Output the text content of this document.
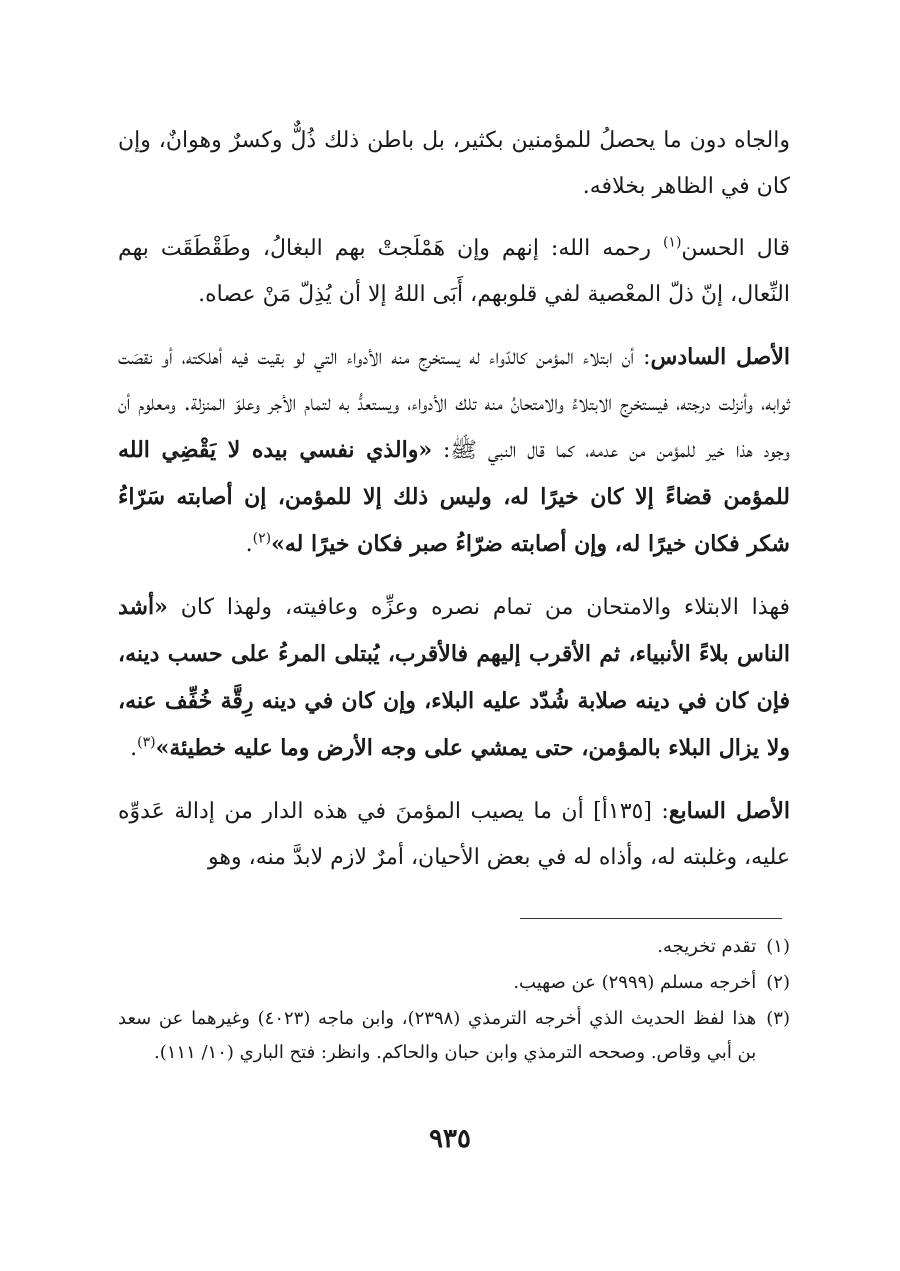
والجاه دون ما يحصلُ للمؤمنين بكثير، بل باطن ذلك ذُلٌّ وكسرٌ وهوانٌ، وإن كان في الظاهر بخلافه.

قال الحسن

$^{(١)}$

رحمه الله: إنهم وإن هَمْلَجتْ بهم البغالُ، وطَقْطَقَت بهم النِّعال، إنّ ذلّ المعْصية لفي قلوبهم، أَبَى اللهُ إلا أن يُذِلّ مَنْ عصاه.

الأصل السادس

: أن ابتلاء المؤمن كالدّواء له يستخرج منه الأدواء التي لو بقيت فيه أهلكته، أو نقصَت ثوابه، وأنزلت درجته، فيستخرج الابتلاءُ والامتحانُ منه تلك الأدواء، ويستعدُّ به لتمام الأجر وعلوّ المنزلة. ومعلوم أن وجود هذا خير للمؤمن من عدمه، كما قال النبي ﷺ:

«والذي نفسي بيده لا يَقْضِي الله للمؤمن قضاءً إلا كان خيرًا له، وليس ذلك إلا للمؤمن، إن أصابته سَرّاءُ شكر فكان خيرًا له، وإن أصابته ضرّاءُ صبر فكان خيرًا له»

$^{(٢)}$

.

فهذا الابتلاء والامتحان من تمام نصره وعزِّه وعافيته، ولهذا كان

«أشد الناس بلاءً الأنبياء، ثم الأقرب إليهم فالأقرب، يُبتلى المرءُ على حسب دينه، فإن كان في دينه صلابة شُدّد عليه البلاء، وإن كان في دينه رِقَّة خُفِّف عنه، ولا يزال البلاء بالمؤمن، حتى يمشي على وجه الأرض وما عليه خطيئة»

$^{(٣)}$

.

الأصل السابع

: [١٣٥أ] أن ما يصيب المؤمنَ في هذه الدار من إدالة عَدوِّه عليه، وغلبته له، وأذاه له في بعض الأحيان، أمرٌ لازم لابدَّ منه، وهو

(١)
تقدم تخريجه.
(٢)
أخرجه مسلم (٢٩٩٩) عن صهيب.
(٣)
هذا لفظ الحديث الذي أخرجه الترمذي (٢٣٩٨)، وابن ماجه (٤٠٢٣) وغيرهما عن سعد بن أبي وقاص. وصححه الترمذي وابن حبان والحاكم. وانظر: فتح الباري (١٠/ ١١١).
٩٣٥
